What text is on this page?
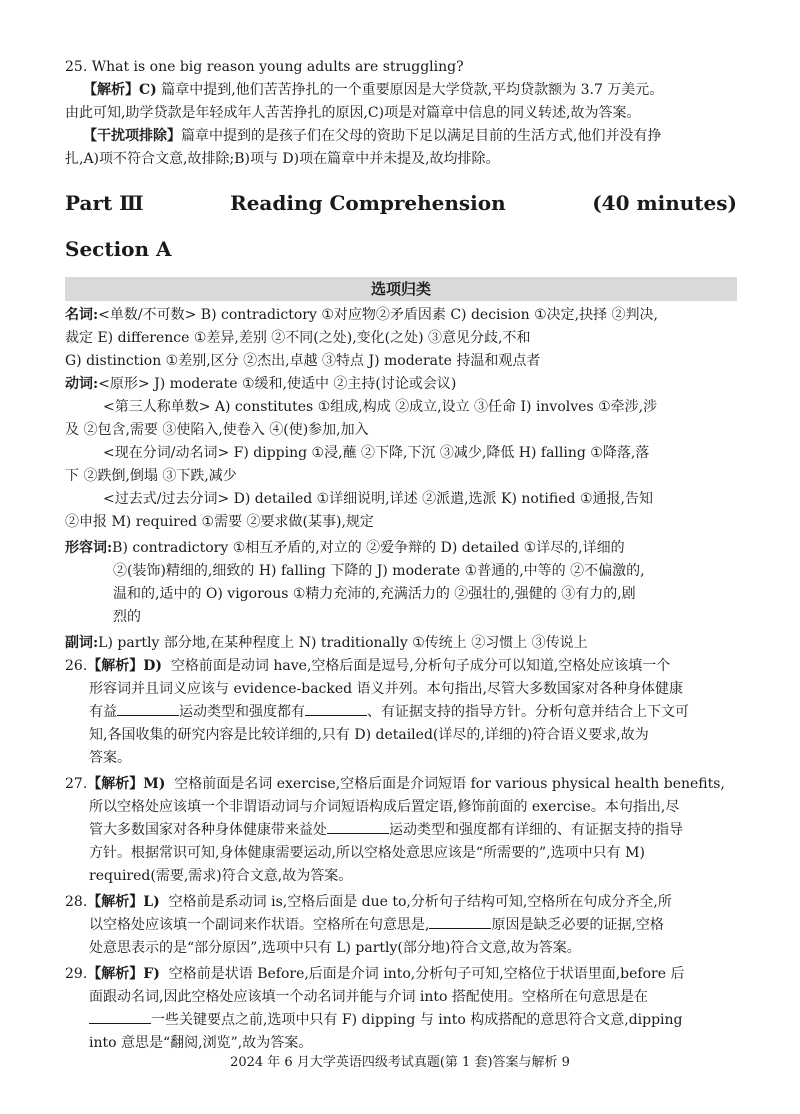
25. What is one big reason young adults are struggling?
【解析】C) 篇章中提到,他们苦苦挣扎的一个重要原因是大学贷款,平均贷款额为 3.7 万美元。
由此可知,助学贷款是年轻成年人苦苦挣扎的原因,C)项是对篇章中信息的同义转述,故为答案。
【干扰项排除】篇章中提到的是孩子们在父母的资助下足以满足目前的生活方式,他们并没有挣
扎,A)项不符合文意,故排除;B)项与 D)项在篇章中并未提及,故均排除。
Part Ⅲ	Reading Comprehension	(40 minutes)
Section A
选项归类
名词:<单数/不可数> B) contradictory ①对应物②矛盾因素 C) decision ①决定,抉择 ②判决,
裁定 E) difference ①差异,差别 ②不同(之处),变化(之处) ③意见分歧,不和
G) distinction ①差别,区分 ②杰出,卓越 ③特点 J) moderate 持温和观点者
动词:<原形> J) moderate ①缓和,使适中 ②主持(讨论或会议)
<第三人称单数> A) constitutes ①组成,构成 ②成立,设立 ③任命 I) involves ①牵涉,涉
及 ②包含,需要 ③使陷入,使卷入 ④(使)参加,加入
<现在分词/动名词> F) dipping ①浸,蘸 ②下降,下沉 ③减少,降低 H) falling ①降落,落
下 ②跌倒,倒塌 ③下跌,减少
<过去式/过去分词> D) detailed ①详细说明,详述 ②派遣,选派 K) notified ①通报,告知
②申报 M) required ①需要 ②要求做(某事),规定
形容词:B) contradictory ①相互矛盾的,对立的 ②爱争辩的 D) detailed ①详尽的,详细的
②(装饰)精细的,细致的 H) falling 下降的 J) moderate ①普通的,中等的 ②不偏激的,
温和的,适中的 O) vigorous ①精力充沛的,充满活力的 ②强壮的,强健的 ③有力的,剧
烈的
副词:L) partly 部分地,在某种程度上 N) traditionally ①传统上 ②习惯上 ③传说上
26.【解析】D) 空格前面是动词 have,空格后面是逗号,分析句子成分可以知道,空格处应该填一个
形容词并且词义应该与 evidence-backed 语义并列。本句指出,尽管大多数国家对各种身体健康
有益	运动类型和强度都有	、有证据支持的指导方针。分析句意并结合上下文可
知,各国收集的研究内容是比较详细的,只有 D) detailed(详尽的,详细的)符合语义要求,故为
答案。
27.【解析】M) 空格前面是名词 exercise,空格后面是介词短语 for various physical health benefits,
所以空格处应该填一个非谓语动词与介词短语构成后置定语,修饰前面的 exercise。本句指出,尽
管大多数国家对各种身体健康带来益处	运动类型和强度都有详细的、有证据支持的指导
方针。根据常识可知,身体健康需要运动,所以空格处意思应该是“所需要的”,选项中只有 M)
required(需要,需求)符合文意,故为答案。
28.【解析】L) 空格前是系动词 is,空格后面是 due to,分析句子结构可知,空格所在句成分齐全,所
以空格处应该填一个副词来作状语。空格所在句意思是,	原因是缺乏必要的证据,空格
处意思表示的是“部分原因”,选项中只有 L) partly(部分地)符合文意,故为答案。
29.【解析】F) 空格前是状语 Before,后面是介词 into,分析句子可知,空格位于状语里面,before 后
面跟动名词,因此空格处应该填一个动名词并能与介词 into 搭配使用。空格所在句意思是在
一些关键要点之前,选项中只有 F) dipping 与 into 构成搭配的意思符合文意,dipping
into 意思是“翻阅,浏览”,故为答案。
2024 年 6 月大学英语四级考试真题(第 1 套)答案与解析 9
